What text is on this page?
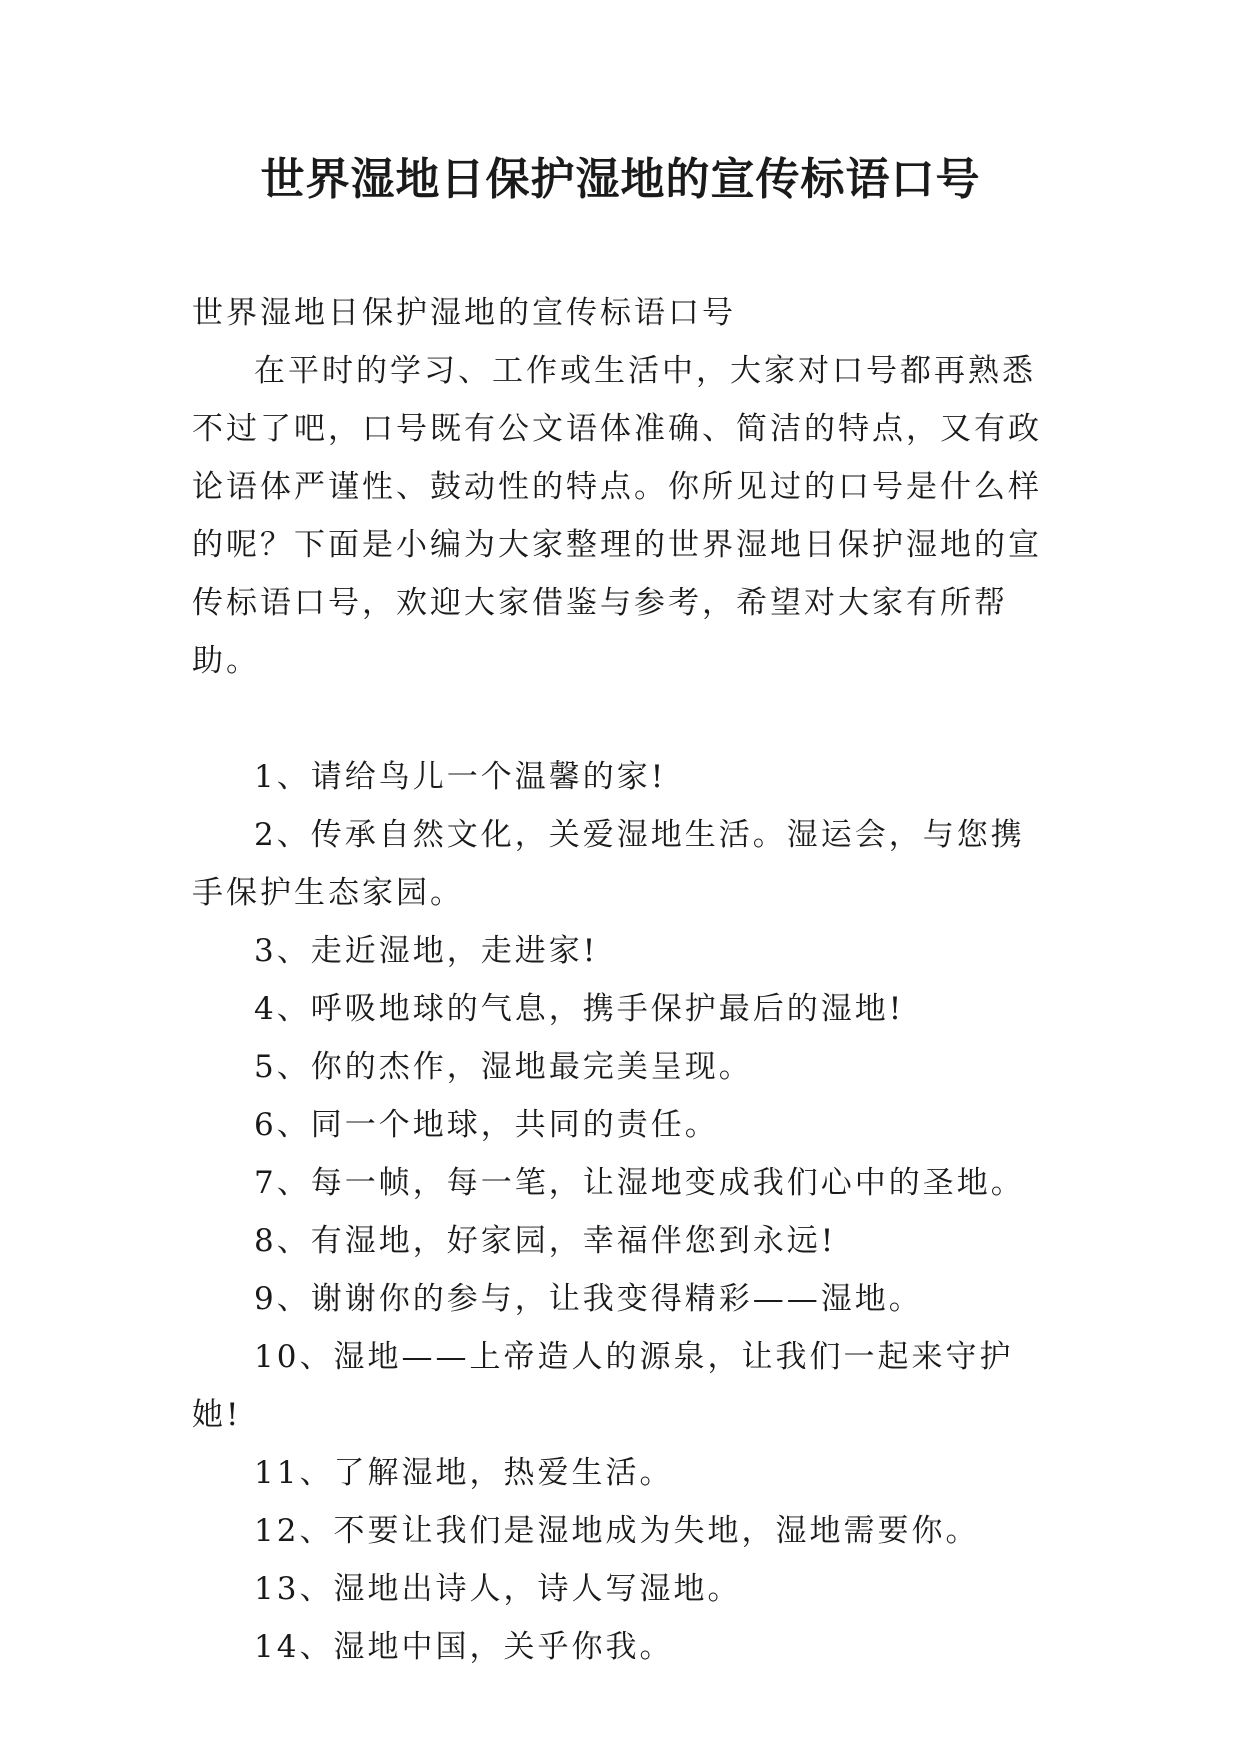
世界湿地日保护湿地的宣传标语口号

世界湿地日保护湿地的宣传标语口号

在平时的学习、工作或生活中，大家对口号都再熟悉不过了吧，口号既有公文语体准确、简洁的特点，又有政论语体严谨性、鼓动性的特点。你所见过的口号是什么样的呢？下面是小编为大家整理的世界湿地日保护湿地的宣传标语口号，欢迎大家借鉴与参考，希望对大家有所帮助。

1、请给鸟儿一个温馨的家!

2、传承自然文化，关爱湿地生活。湿运会，与您携手保护生态家园。

3、走近湿地，走进家!

4、呼吸地球的气息，携手保护最后的湿地!

5、你的杰作，湿地最完美呈现。

6、同一个地球，共同的责任。

7、每一帧，每一笔，让湿地变成我们心中的圣地。

8、有湿地，好家园，幸福伴您到永远!

9、谢谢你的参与，让我变得精彩——湿地。

10、湿地——上帝造人的源泉，让我们一起来守护她!

11、了解湿地，热爱生活。

12、不要让我们是湿地成为失地，湿地需要你。

13、湿地出诗人，诗人写湿地。

14、湿地中国，关乎你我。
